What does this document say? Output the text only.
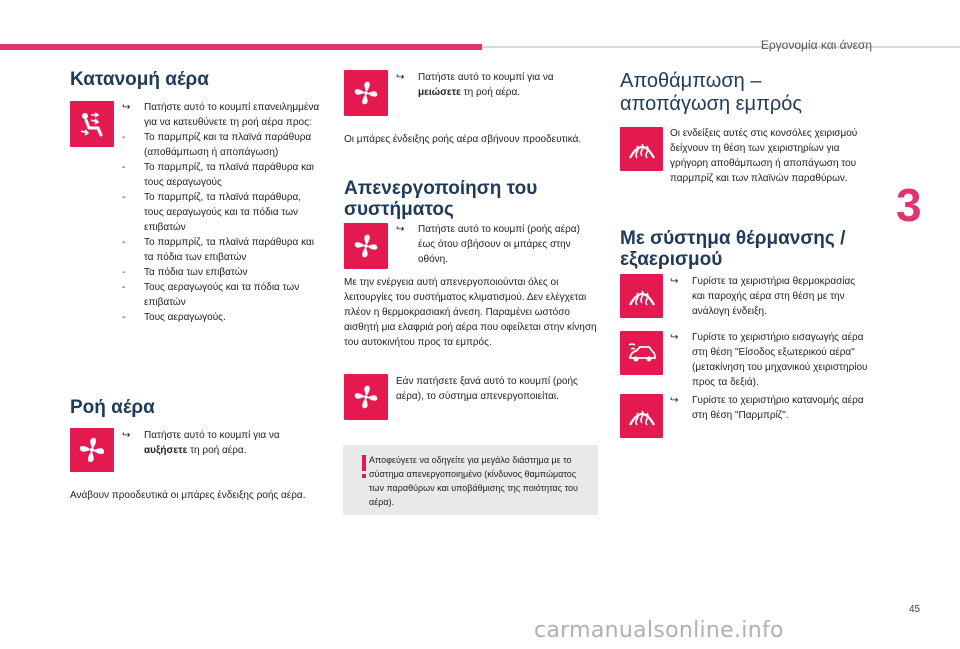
Εργονομία και άνεση
3
45
carmanualsonline.info
Κατανομή αέρα
↪	Πατήστε αυτό το κουμπί επανειλημμένα για να κατευθύνετε τη ροή αέρα προς:
-	Το παρμπρίζ και τα πλαϊνά παράθυρα (αποθάμπωση ή αποπάγωση)
-	Το παρμπρίζ, τα πλαϊνά παράθυρα και τους αεραγωγούς
-	Το παρμπρίζ, τα πλαϊνά παράθυρα, τους αεραγωγούς και τα πόδια των επιβατών
-	Το παρμπρίζ, τα πλαϊνά παράθυρα και τα πόδια των επιβατών
-	Τα πόδια των επιβατών
-	Τους αεραγωγούς και τα πόδια των επιβατών
-	Τους αεραγωγούς.
Ροή αέρα
↪	Πατήστε αυτό το κουμπί για να αυξήσετε τη ροή αέρα.
Ανάβουν προοδευτικά οι μπάρες ένδειξης ροής αέρα.
↪	Πατήστε αυτό το κουμπί για να μειώσετε τη ροή αέρα.
Οι μπάρες ένδειξης ροής αέρα σβήνουν προοδευτικά.
Απενεργοποίηση του
συστήματος
↪	Πατήστε αυτό το κουμπί (ροής αέρα) έως ότου σβήσουν οι μπάρες στην οθόνη.
Με την ενέργεια αυτή απενεργοποιούνται όλες οι λειτουργίες του συστήματος κλιματισμού. Δεν ελέγχεται πλέον η θερμοκρασιακή άνεση. Παραμένει ωστόσο αισθητή μια ελαφριά ροή αέρα που οφείλεται στην κίνηση του αυτοκινήτου προς τα εμπρός.
Εάν πατήσετε ξανά αυτό το κουμπί (ροής αέρα), το σύστημα απενεργοποιείται.
Αποφεύγετε να οδηγείτε για μεγάλο διάστημα με το σύστημα απενεργοποιημένο (κίνδυνος θαμπώματος των παραθύρων και υποβάθμισης της ποιότητας του αέρα).
Αποθάμπωση –
αποπάγωση εμπρός
Οι ενδείξεις αυτές στις κονσόλες χειρισμού δείχνουν τη θέση των χειριστηρίων για γρήγορη αποθάμπωση ή αποπάγωση του παρμπρίζ και των πλαϊνών παραθύρων.
Με σύστημα θέρμανσης /
εξαερισμού
↪	Γυρίστε τα χειριστήρια θερμοκρασίας και παροχής αέρα στη θέση με την ανάλογη ένδειξη.
↪	Γυρίστε το χειριστήριο εισαγωγής αέρα στη θέση "Είσοδος εξωτερικού αέρα" (μετακίνηση του μηχανικού χειριστηρίου προς τα δεξιά).
↪	Γυρίστε το χειριστήριο κατανομής αέρα στη θέση "Παρμπρίζ".
